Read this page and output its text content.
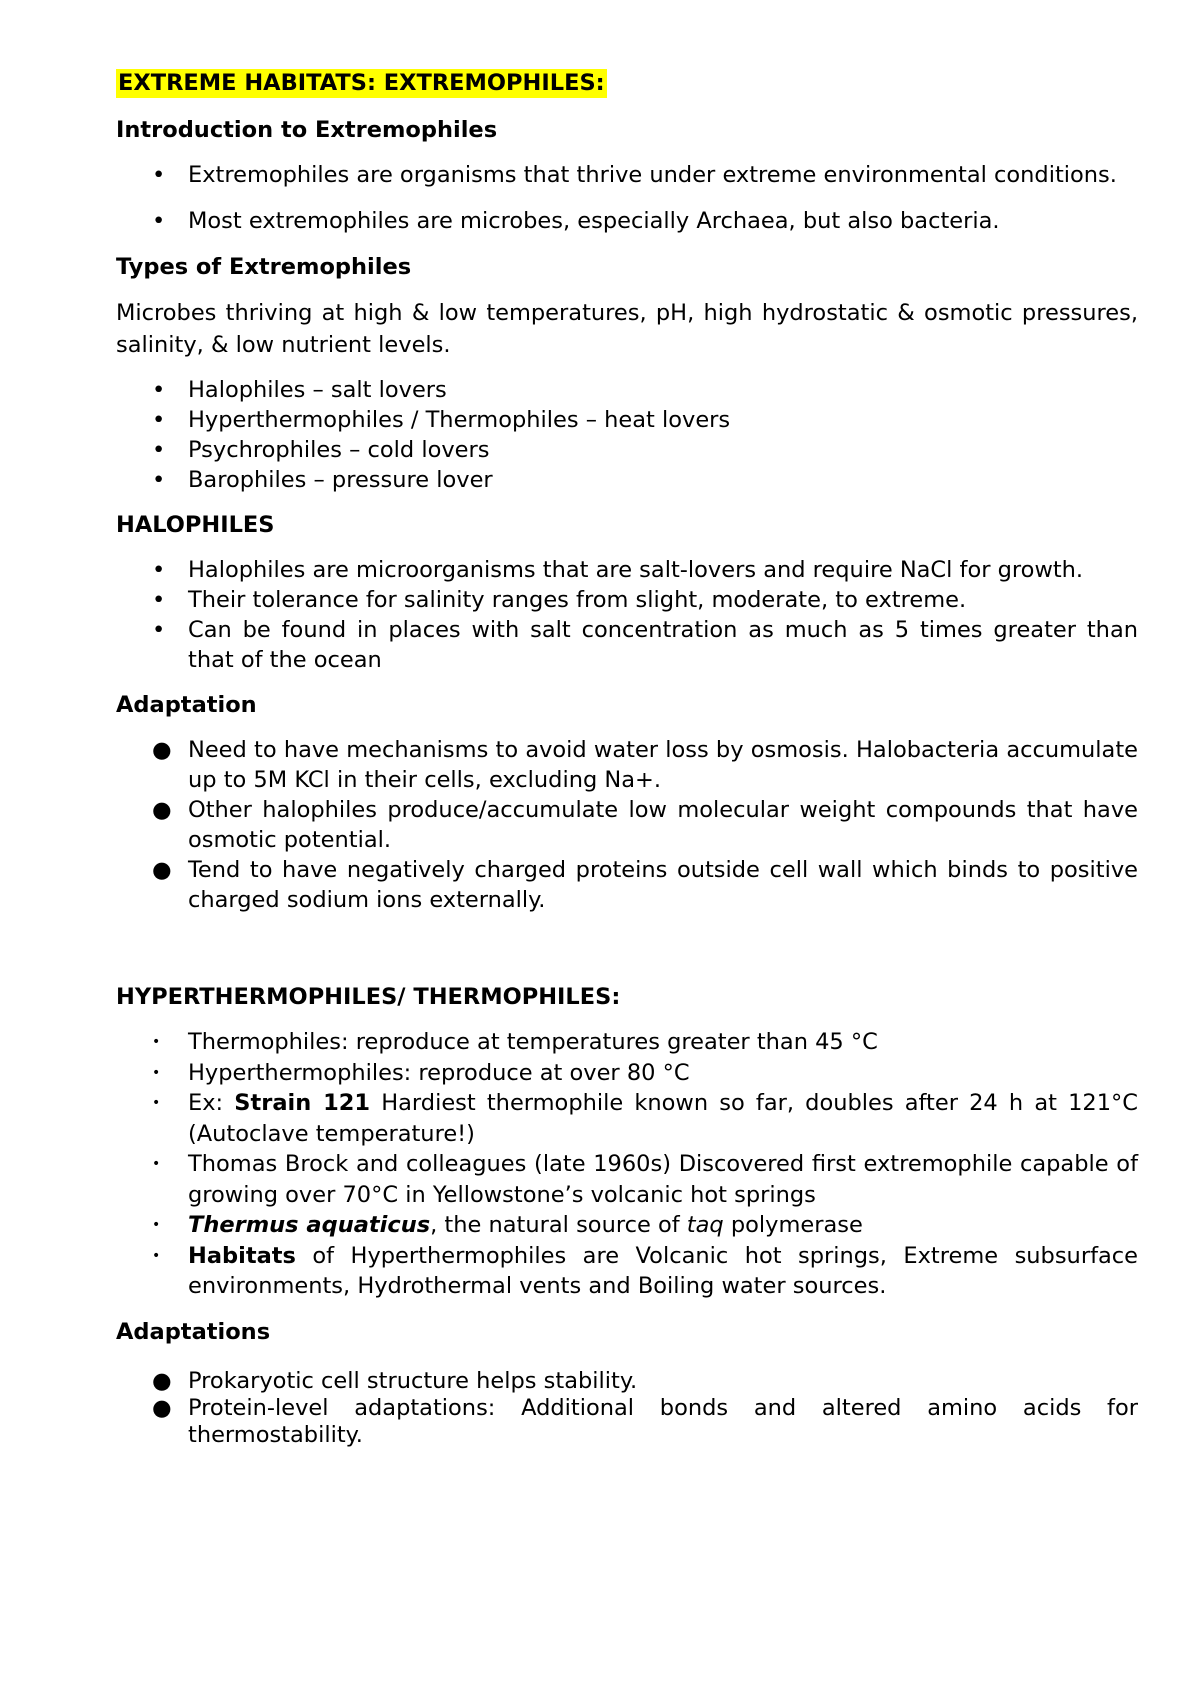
EXTREME HABITATS: EXTREMOPHILES:
Introduction to Extremophiles
• Extremophiles are organisms that thrive under extreme environmental conditions.
• Most extremophiles are microbes, especially Archaea, but also bacteria.
Types of Extremophiles

Microbes thriving at high & low temperatures, pH, high hydrostatic & osmotic pressures, salinity, & low nutrient levels.

• Halophiles – salt lovers
• Hyperthermophiles / Thermophiles – heat lovers
• Psychrophiles – cold lovers
• Barophiles – pressure lover
HALOPHILES
• Halophiles are microorganisms that are salt-lovers and require NaCl for growth.
• Their tolerance for salinity ranges from slight, moderate, to extreme.
• Can be found in places with salt concentration as much as 5 times greater than that of the ocean
Adaptation
● Need to have mechanisms to avoid water loss by osmosis. Halobacteria accumulate up to 5M KCl in their cells, excluding Na+.
● Other halophiles produce/accumulate low molecular weight compounds that have osmotic potential.
● Tend to have negatively charged proteins outside cell wall which binds to positive charged sodium ions externally.
HYPERTHERMOPHILES/ THERMOPHILES:
• Thermophiles: reproduce at temperatures greater than 45 °C
• Hyperthermophiles: reproduce at over 80 °C
• Ex: Strain 121 Hardiest thermophile known so far, doubles after 24 h at 121°C (Autoclave temperature!)
• Thomas Brock and colleagues (late 1960s) Discovered first extremophile capable of growing over 70°C in Yellowstone’s volcanic hot springs
• Thermus aquaticus, the natural source of taq polymerase
• Habitats of Hyperthermophiles are Volcanic hot springs, Extreme subsurface environments, Hydrothermal vents and Boiling water sources.
Adaptations
● Prokaryotic cell structure helps stability.
● Protein-level adaptations: Additional bonds and altered amino acids for thermostability.
